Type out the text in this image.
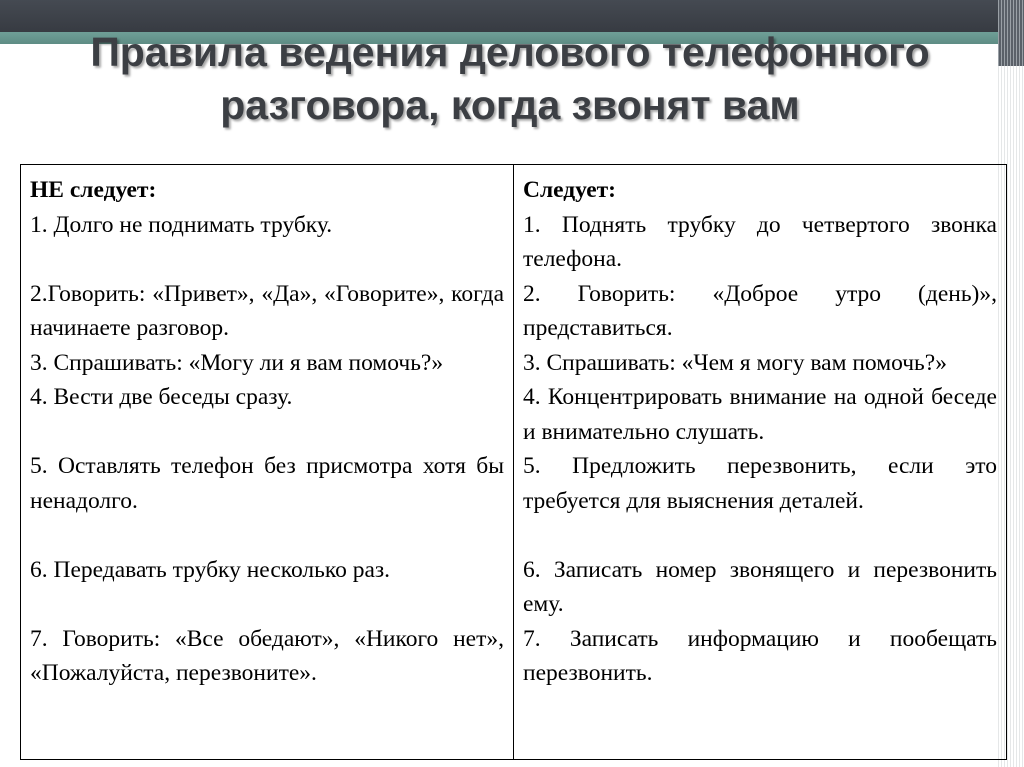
Правила ведения делового телефонного
разговора, когда звонят вам
НЕ следует:
1. Долго не поднимать трубку.
2.Говорить: «Привет», «Да», «Говорите», когда начинаете разговор.
3. Спрашивать: «Могу ли я вам помочь?»
4. Вести две беседы сразу.
5. Оставлять телефон без присмотра хотя бы ненадолго.
6. Передавать трубку несколько раз.
7. Говорить: «Все обедают», «Никого нет», «Пожалуйста, перезвоните».

Следует:
1. Поднять трубку до четвертого звонка телефона.
2. Говорить: «Доброе утро (день)», представиться.
3. Спрашивать: «Чем я могу вам помочь?»
4. Концентрировать внимание на одной беседе и внимательно слушать.
5. Предложить перезвонить, если это требуется для выяснения деталей.
6. Записать номер звонящего и перезвонить ему.
7. Записать информацию и пообещать перезвонить.
